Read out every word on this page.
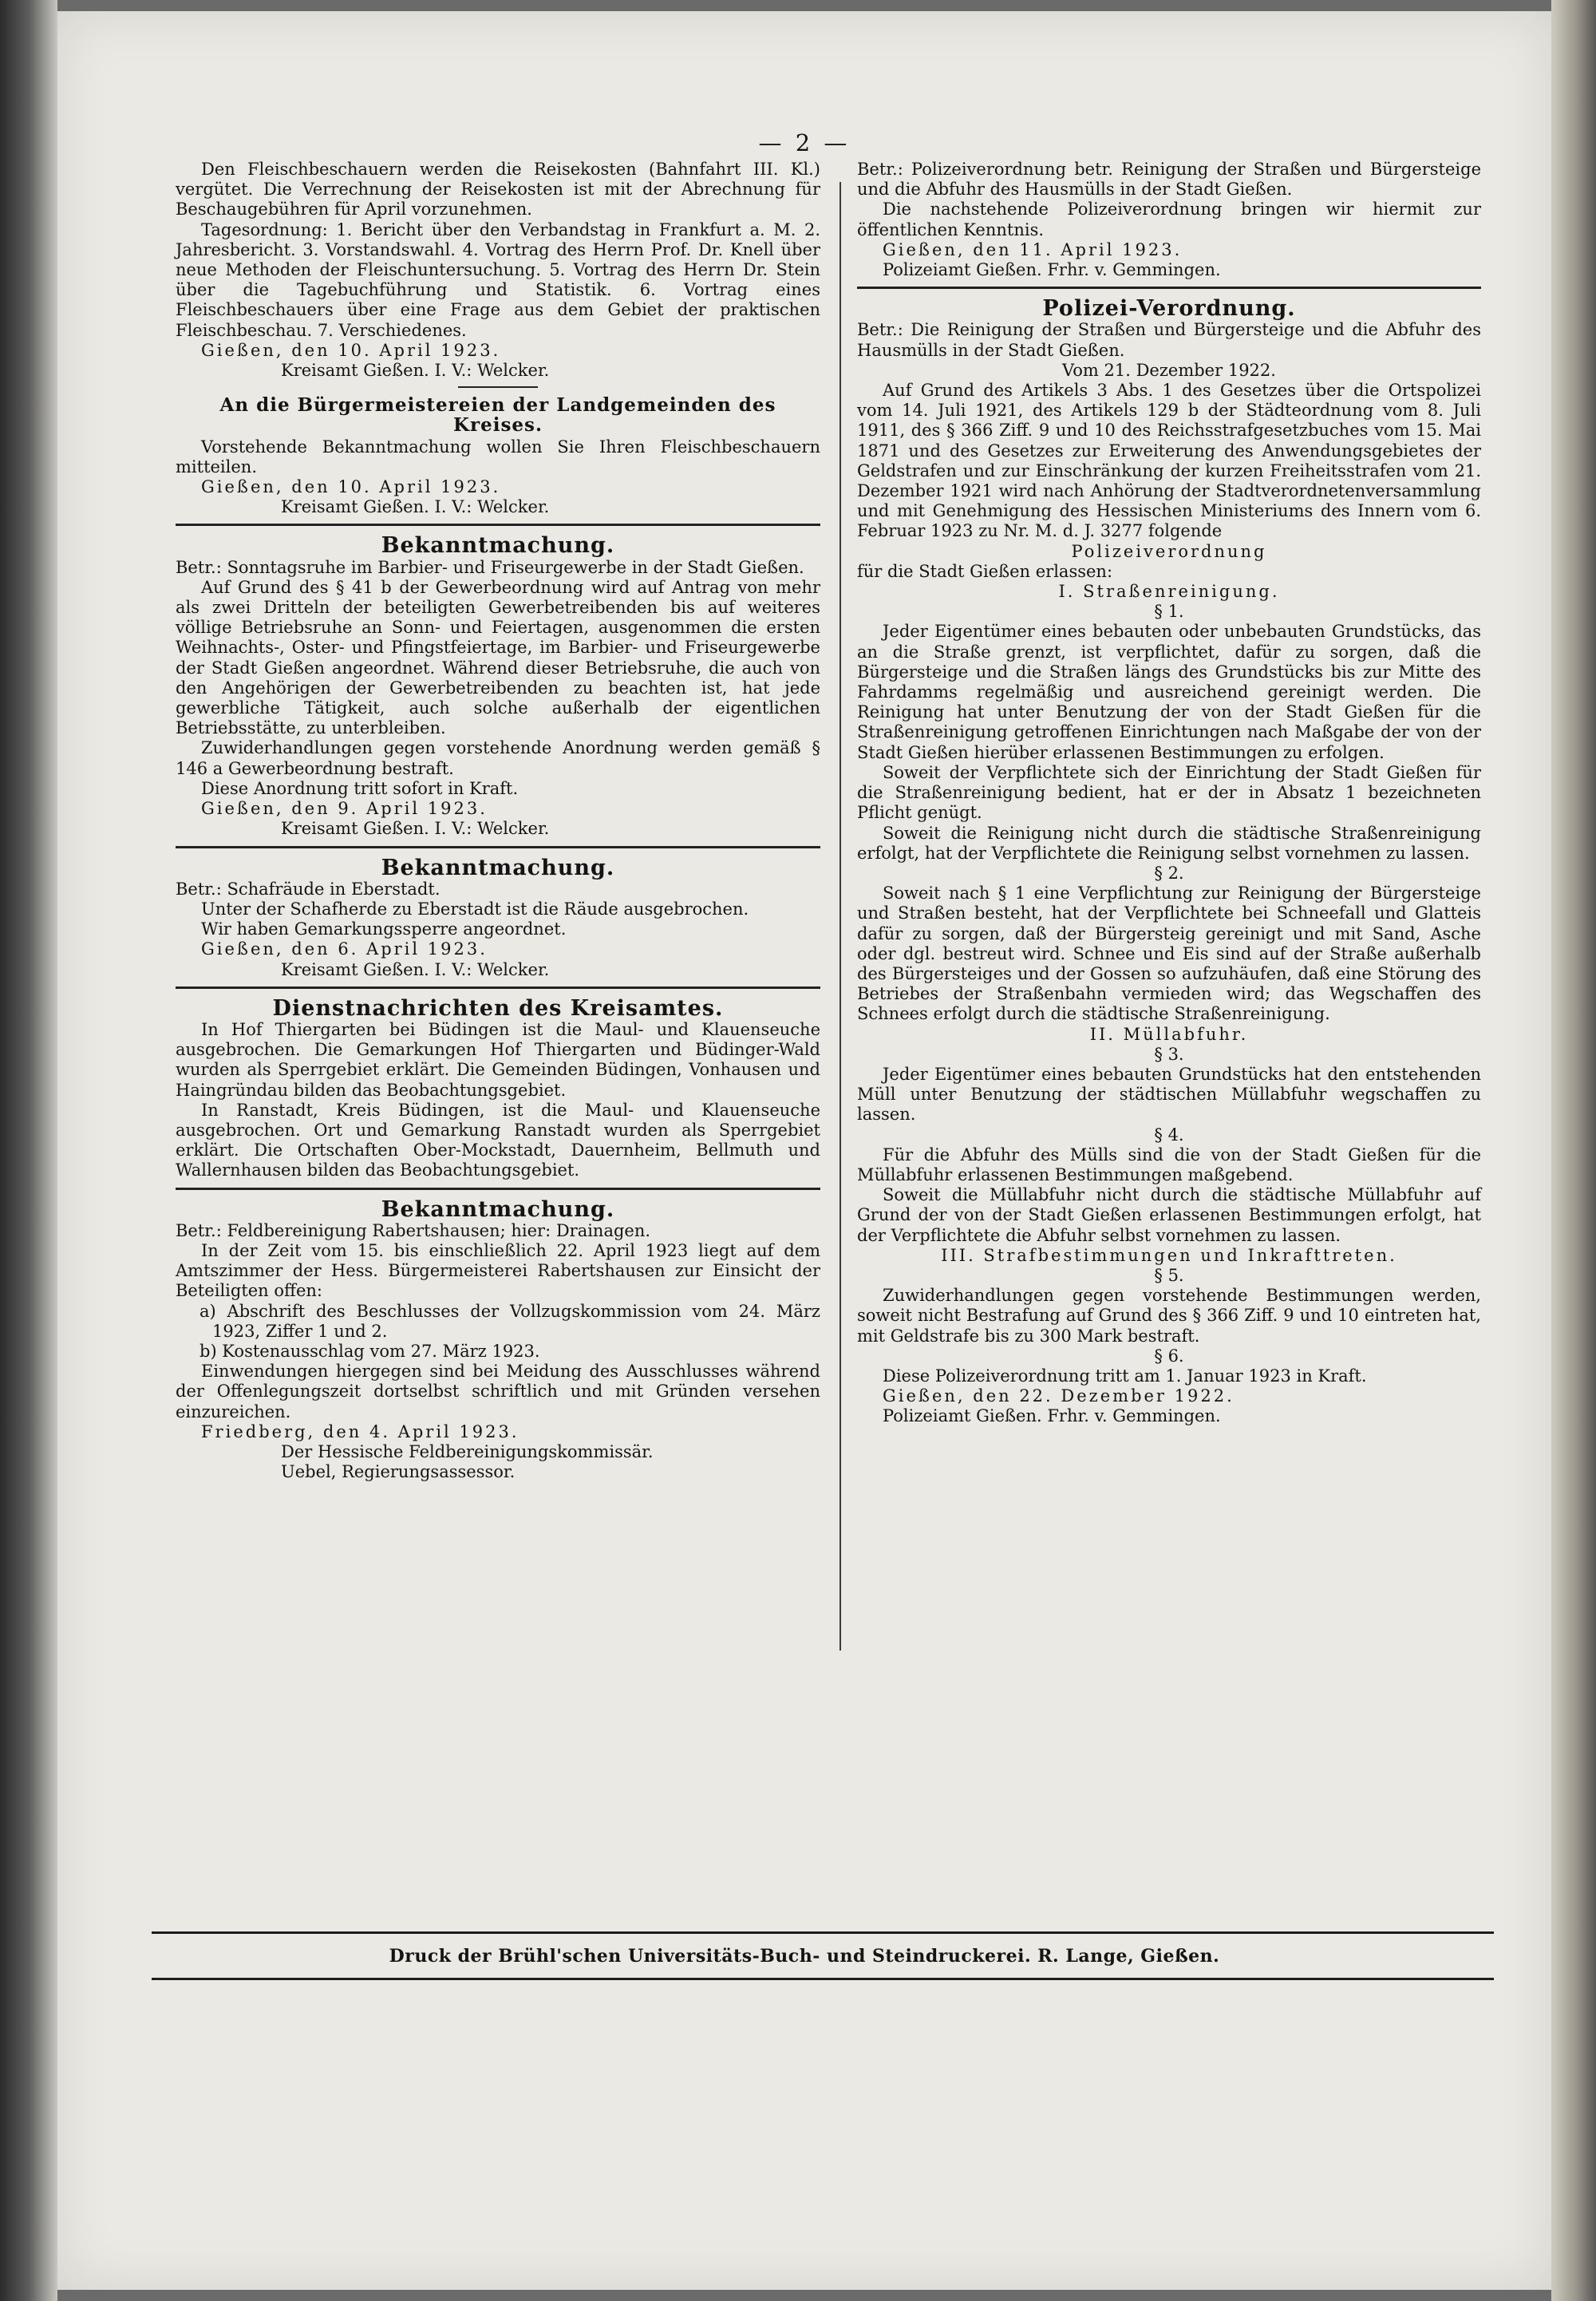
— 2 —

Den Fleischbeschauern werden die Reisekosten (Bahnfahrt III. Kl.) vergütet. Die Verrechnung der Reisekosten ist mit der Abrechnung für Beschaugebühren für April vorzunehmen.

Tagesordnung: 1. Bericht über den Verbandstag in Frankfurt a. M. 2. Jahresbericht. 3. Vorstandswahl. 4. Vortrag des Herrn Prof. Dr. Knell über neue Methoden der Fleischuntersuchung. 5. Vortrag des Herrn Dr. Stein über die Tagebuchführung und Statistik. 6. Vortrag eines Fleischbeschauers über eine Frage aus dem Gebiet der praktischen Fleischbeschau. 7. Verschiedenes.

Gießen, den 10. April 1923.

Kreisamt Gießen. I. V.: Welcker.

An die Bürgermeistereien der Landgemeinden des Kreises.

Vorstehende Bekanntmachung wollen Sie Ihren Fleischbeschauern mitteilen.

Gießen, den 10. April 1923.

Kreisamt Gießen. I. V.: Welcker.

Bekanntmachung.

Betr.: Sonntagsruhe im Barbier- und Friseurgewerbe in der Stadt Gießen.

Auf Grund des § 41 b der Gewerbeordnung wird auf Antrag von mehr als zwei Dritteln der beteiligten Gewerbetreibenden bis auf weiteres völlige Betriebsruhe an Sonn- und Feiertagen, ausgenommen die ersten Weihnachts-, Oster- und Pfingstfeiertage, im Barbier- und Friseurgewerbe der Stadt Gießen angeordnet. Während dieser Betriebsruhe, die auch von den Angehörigen der Gewerbetreibenden zu beachten ist, hat jede gewerbliche Tätigkeit, auch solche außerhalb der eigentlichen Betriebsstätte, zu unterbleiben.

Zuwiderhandlungen gegen vorstehende Anordnung werden gemäß § 146 a Gewerbeordnung bestraft.

Diese Anordnung tritt sofort in Kraft.

Gießen, den 9. April 1923.

Kreisamt Gießen. I. V.: Welcker.

Bekanntmachung.

Betr.: Schafräude in Eberstadt.

Unter der Schafherde zu Eberstadt ist die Räude ausgebrochen.

Wir haben Gemarkungssperre angeordnet.

Gießen, den 6. April 1923.

Kreisamt Gießen. I. V.: Welcker.

Dienstnachrichten des Kreisamtes.

In Hof Thiergarten bei Büdingen ist die Maul- und Klauenseuche ausgebrochen. Die Gemarkungen Hof Thiergarten und Büdinger-Wald wurden als Sperrgebiet erklärt. Die Gemeinden Büdingen, Vonhausen und Haingründau bilden das Beobachtungsgebiet.

In Ranstadt, Kreis Büdingen, ist die Maul- und Klauenseuche ausgebrochen. Ort und Gemarkung Ranstadt wurden als Sperrgebiet erklärt. Die Ortschaften Ober-Mockstadt, Dauernheim, Bellmuth und Wallernhausen bilden das Beobachtungsgebiet.

Bekanntmachung.

Betr.: Feldbereinigung Rabertshausen; hier: Drainagen.

In der Zeit vom 15. bis einschließlich 22. April 1923 liegt auf dem Amtszimmer der Hess. Bürgermeisterei Rabertshausen zur Einsicht der Beteiligten offen:

a) Abschrift des Beschlusses der Vollzugskommission vom 24. März 1923, Ziffer 1 und 2.

b) Kostenausschlag vom 27. März 1923.

Einwendungen hiergegen sind bei Meidung des Ausschlusses während der Offenlegungszeit dortselbst schriftlich und mit Gründen versehen einzureichen.

Friedberg, den 4. April 1923.

Der Hessische Feldbereinigungskommissär.

Uebel, Regierungsassessor.

Betr.: Polizeiverordnung betr. Reinigung der Straßen und Bürgersteige und die Abfuhr des Hausmülls in der Stadt Gießen.

Die nachstehende Polizeiverordnung bringen wir hiermit zur öffentlichen Kenntnis.

Gießen, den 11. April 1923.

Polizeiamt Gießen. Frhr. v. Gemmingen.

Polizei-Verordnung.

Betr.: Die Reinigung der Straßen und Bürgersteige und die Abfuhr des Hausmülls in der Stadt Gießen.

Vom 21. Dezember 1922.

Auf Grund des Artikels 3 Abs. 1 des Gesetzes über die Ortspolizei vom 14. Juli 1921, des Artikels 129 b der Städteordnung vom 8. Juli 1911, des § 366 Ziff. 9 und 10 des Reichsstrafgesetzbuches vom 15. Mai 1871 und des Gesetzes zur Erweiterung des Anwendungsgebietes der Geldstrafen und zur Einschränkung der kurzen Freiheitsstrafen vom 21. Dezember 1921 wird nach Anhörung der Stadtverordnetenversammlung und mit Genehmigung des Hessischen Ministeriums des Innern vom 6. Februar 1923 zu Nr. M. d. J. 3277 folgende

Polizeiverordnung

für die Stadt Gießen erlassen:

I. Straßenreinigung.

§ 1.

Jeder Eigentümer eines bebauten oder unbebauten Grundstücks, das an die Straße grenzt, ist verpflichtet, dafür zu sorgen, daß die Bürgersteige und die Straßen längs des Grundstücks bis zur Mitte des Fahrdamms regelmäßig und ausreichend gereinigt werden. Die Reinigung hat unter Benutzung der von der Stadt Gießen für die Straßenreinigung getroffenen Einrichtungen nach Maßgabe der von der Stadt Gießen hierüber erlassenen Bestimmungen zu erfolgen.

Soweit der Verpflichtete sich der Einrichtung der Stadt Gießen für die Straßenreinigung bedient, hat er der in Absatz 1 bezeichneten Pflicht genügt.

Soweit die Reinigung nicht durch die städtische Straßenreinigung erfolgt, hat der Verpflichtete die Reinigung selbst vornehmen zu lassen.

§ 2.

Soweit nach § 1 eine Verpflichtung zur Reinigung der Bürgersteige und Straßen besteht, hat der Verpflichtete bei Schneefall und Glatteis dafür zu sorgen, daß der Bürgersteig gereinigt und mit Sand, Asche oder dgl. bestreut wird. Schnee und Eis sind auf der Straße außerhalb des Bürgersteiges und der Gossen so aufzuhäufen, daß eine Störung des Betriebes der Straßenbahn vermieden wird; das Wegschaffen des Schnees erfolgt durch die städtische Straßenreinigung.

II. Müllabfuhr.

§ 3.

Jeder Eigentümer eines bebauten Grundstücks hat den entstehenden Müll unter Benutzung der städtischen Müllabfuhr wegschaffen zu lassen.

§ 4.

Für die Abfuhr des Mülls sind die von der Stadt Gießen für die Müllabfuhr erlassenen Bestimmungen maßgebend.

Soweit die Müllabfuhr nicht durch die städtische Müllabfuhr auf Grund der von der Stadt Gießen erlassenen Bestimmungen erfolgt, hat der Verpflichtete die Abfuhr selbst vornehmen zu lassen.

III. Strafbestimmungen und Inkrafttreten.

§ 5.

Zuwiderhandlungen gegen vorstehende Bestimmungen werden, soweit nicht Bestrafung auf Grund des § 366 Ziff. 9 und 10 eintreten hat, mit Geldstrafe bis zu 300 Mark bestraft.

§ 6.

Diese Polizeiverordnung tritt am 1. Januar 1923 in Kraft.

Gießen, den 22. Dezember 1922.

Polizeiamt Gießen. Frhr. v. Gemmingen.

Druck der Brühl'schen Universitäts-Buch- und Steindruckerei. R. Lange, Gießen.
